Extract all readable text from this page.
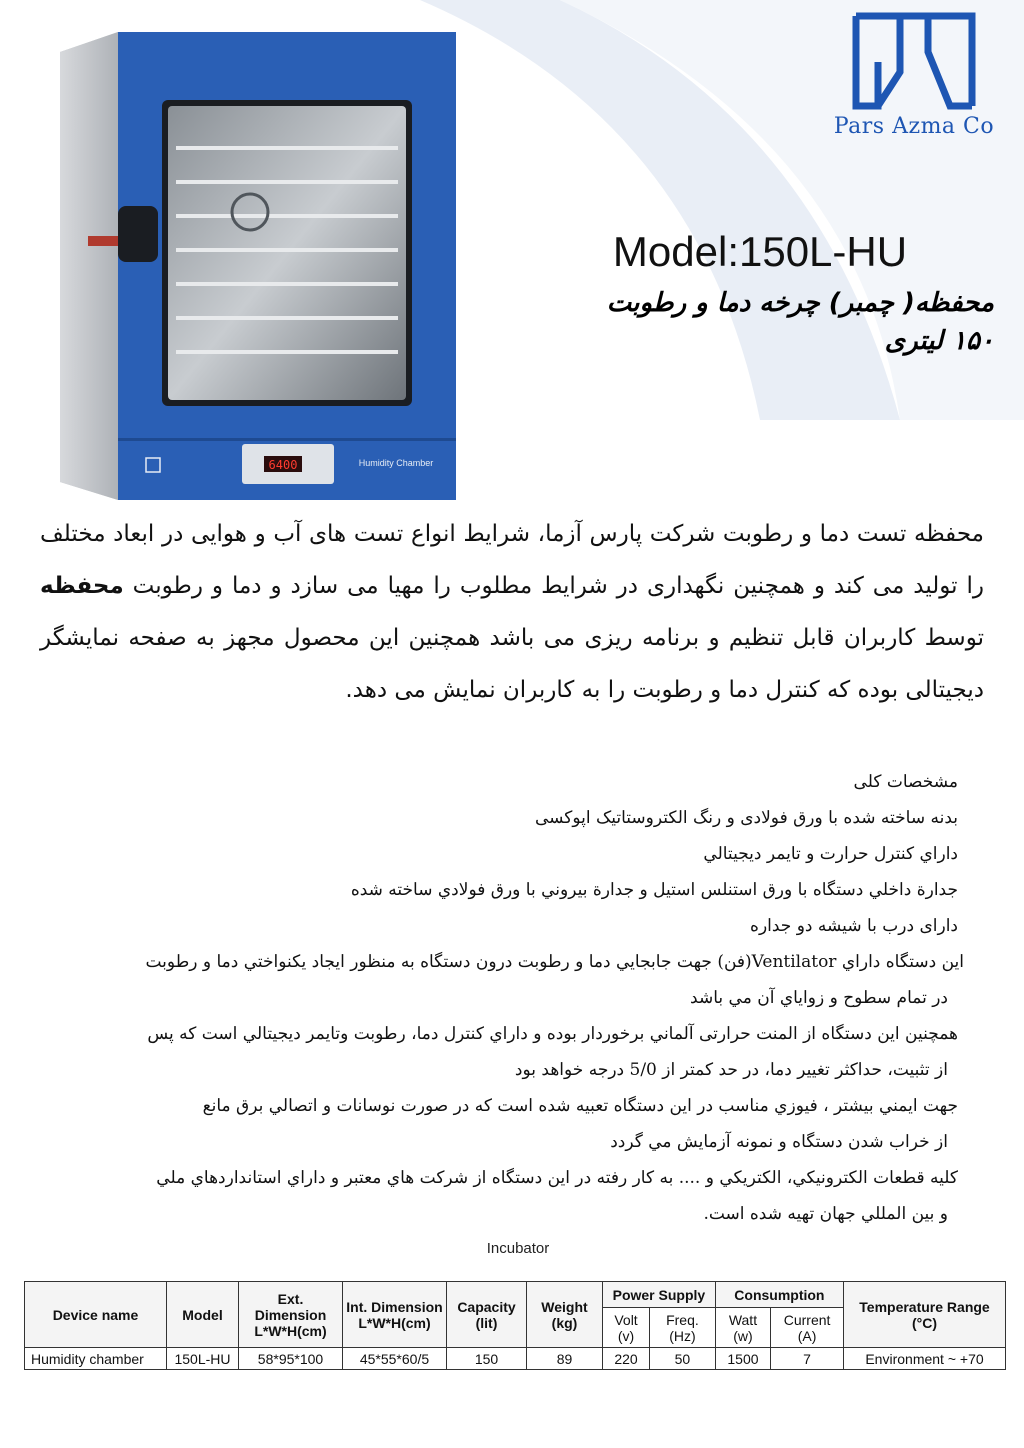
6400	Humidity Chamber
Pars Azma Co
Model:150L-HU
محفظه( چمبر) چرخه دما و رطوبت
۱۵۰ لیتری

محفظه تست دما و رطوبت شرکت پارس آزما، شرایط انواع تست های آب و هوایی در ابعاد مختلف را تولید می کند و همچنین نگهداری در شرایط مطلوب را مهیا می سازد و دما و رطوبت محفظه توسط کاربران قابل تنظیم و برنامه ریزی می باشد همچنین این محصول مجهز به صفحه نمایشگر دیجیتالی بوده که کنترل دما و رطوبت را به کاربران نمایش می دهد.

مشخصات کلی
بدنه ساخته شده با ورق فولادی و رنگ الکتروستاتیک اپوکسی
داراي كنترل حرارت و تايمر ديجيتالي
جدارة داخلي دستگاه با ورق استنلس استيل و جدارة بيروني با ورق فولادي ساخته شده
دارای درب با شیشه دو جداره
اين دستگاه داراي Ventilator(فن) جهت جابجايي دما و رطوبت درون دستگاه به منظور ايجاد يكنواختي دما و رطوبت
در تمام سطوح و زواياي آن مي باشد
همچنين اين دستگاه از المنت حرارتی آلماني برخوردار بوده و داراي كنترل دما، رطوبت وتايمر ديجيتالي است كه پس
از تثبيت، حداكثر تغيير دما، در حد كمتر از 5/0 درجه خواهد بود
جهت ايمني بيشتر ، فيوزي مناسب در اين دستگاه تعبيه شده است كه در صورت نوسانات و اتصالي برق مانع
از خراب شدن دستگاه و نمونه آزمايش مي گردد
كليه قطعات الكترونيكي، الكتريكي و .... به كار رفته در اين دستگاه از شركت هاي معتبر و داراي استانداردهاي ملي
و بين المللي جهان تهيه شده است.
Incubator
Device name	Model	Ext. Dimension L*W*H(cm)	Int. Dimension L*W*H(cm)	Capacity (lit)	Weight (kg)	Power Supply		Consumption		Temperature Range (°C)
						Volt (v)	Freq. (Hz)	Watt (w)	Current (A)	
Humidity chamber	150L-HU	58*95*100	45*55*60/5	150	89	220	50	1500	7	Environment ~ +70
